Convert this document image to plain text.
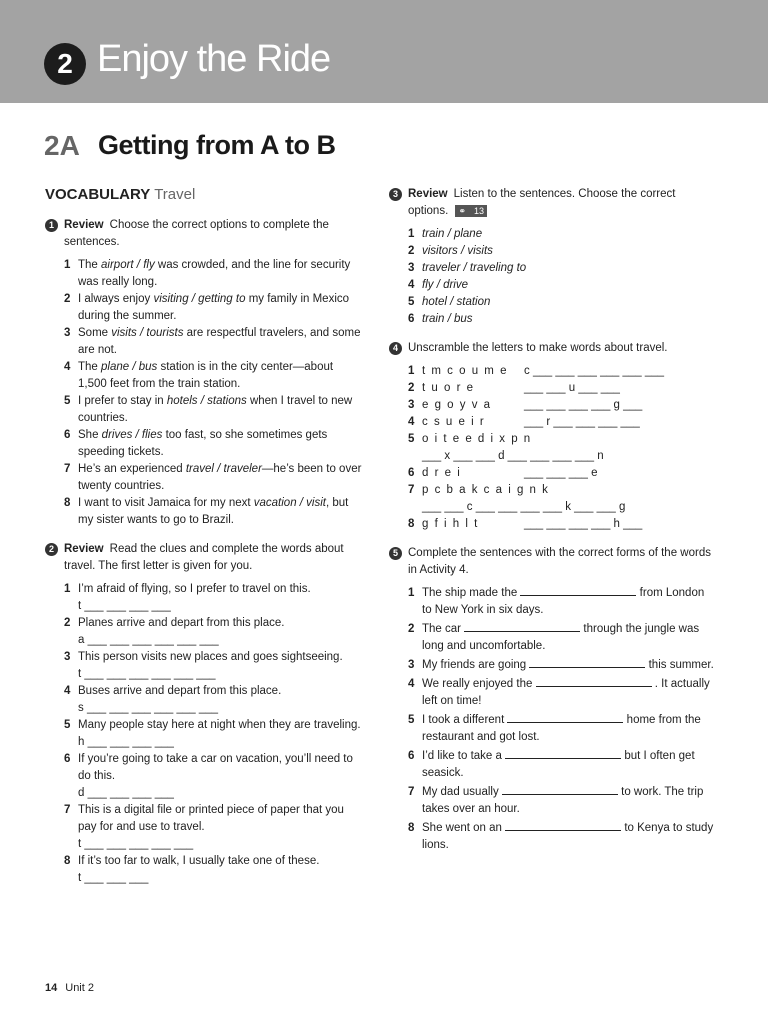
2 Enjoy the Ride
2A Getting from A to B
VOCABULARY Travel
1 Review Choose the correct options to complete the sentences.
1 The airport / fly was crowded, and the line for security was really long.
2 I always enjoy visiting / getting to my family in Mexico during the summer.
3 Some visits / tourists are respectful travelers, and some are not.
4 The plane / bus station is in the city center—about 1,500 feet from the train station.
5 I prefer to stay in hotels / stations when I travel to new countries.
6 She drives / flies too fast, so she sometimes gets speeding tickets.
7 He’s an experienced travel / traveler—he’s been to over twenty countries.
8 I want to visit Jamaica for my next vacation / visit, but my sister wants to go to Brazil.
2 Review Read the clues and complete the words about travel. The first letter is given for you.
1 I’m afraid of flying, so I prefer to travel on this.
t ___ ___ ___ ___
2 Planes arrive and depart from this place.
a ___ ___ ___ ___ ___ ___
3 This person visits new places and goes sightseeing.
t ___ ___ ___ ___ ___ ___
4 Buses arrive and depart from this place.
s ___ ___ ___ ___ ___ ___
5 Many people stay here at night when they are traveling.
h ___ ___ ___ ___
6 If you’re going to take a car on vacation, you’ll need to do this.
d ___ ___ ___ ___
7 This is a digital file or printed piece of paper that you pay for and use to travel.
t ___ ___ ___ ___ ___
8 If it’s too far to walk, I usually take one of these.
t ___ ___ ___
3 Review Listen to the sentences. Choose the correct options. ⚭ 13
1 train / plane
2 visitors / visits
3 traveler / traveling to
4 fly / drive
5 hotel / station
6 train / bus
4 Unscramble the letters to make words about travel.
1 t m c o u m e	c ___ ___ ___ ___ ___ ___
2 t u o r e	___ ___ u ___ ___
3 e g o y v a	___ ___ ___ ___ g ___
4 c s u e i r	___ r ___ ___ ___ ___
5 o i t e e d i x p n
___ x ___ ___ d ___ ___ ___ ___ n
6 d r e i	___ ___ ___ e
7 p c b a k c a i g n k
___ ___ c ___ ___ ___ ___ k ___ ___ g
8 g f i h l t	___ ___ ___ ___ h ___
5 Complete the sentences with the correct forms of the words in Activity 4.
1 The ship made the	from London to New York in six days.
2 The car	through the jungle was long and uncomfortable.
3 My friends are going	this summer.
4 We really enjoyed the	. It actually left on time!
5 I took a different	home from the restaurant and got lost.
6 I’d like to take a	but I often get seasick.
7 My dad usually	to work. The trip takes over an hour.
8 She went on an	to Kenya to study lions.
14 Unit 2
